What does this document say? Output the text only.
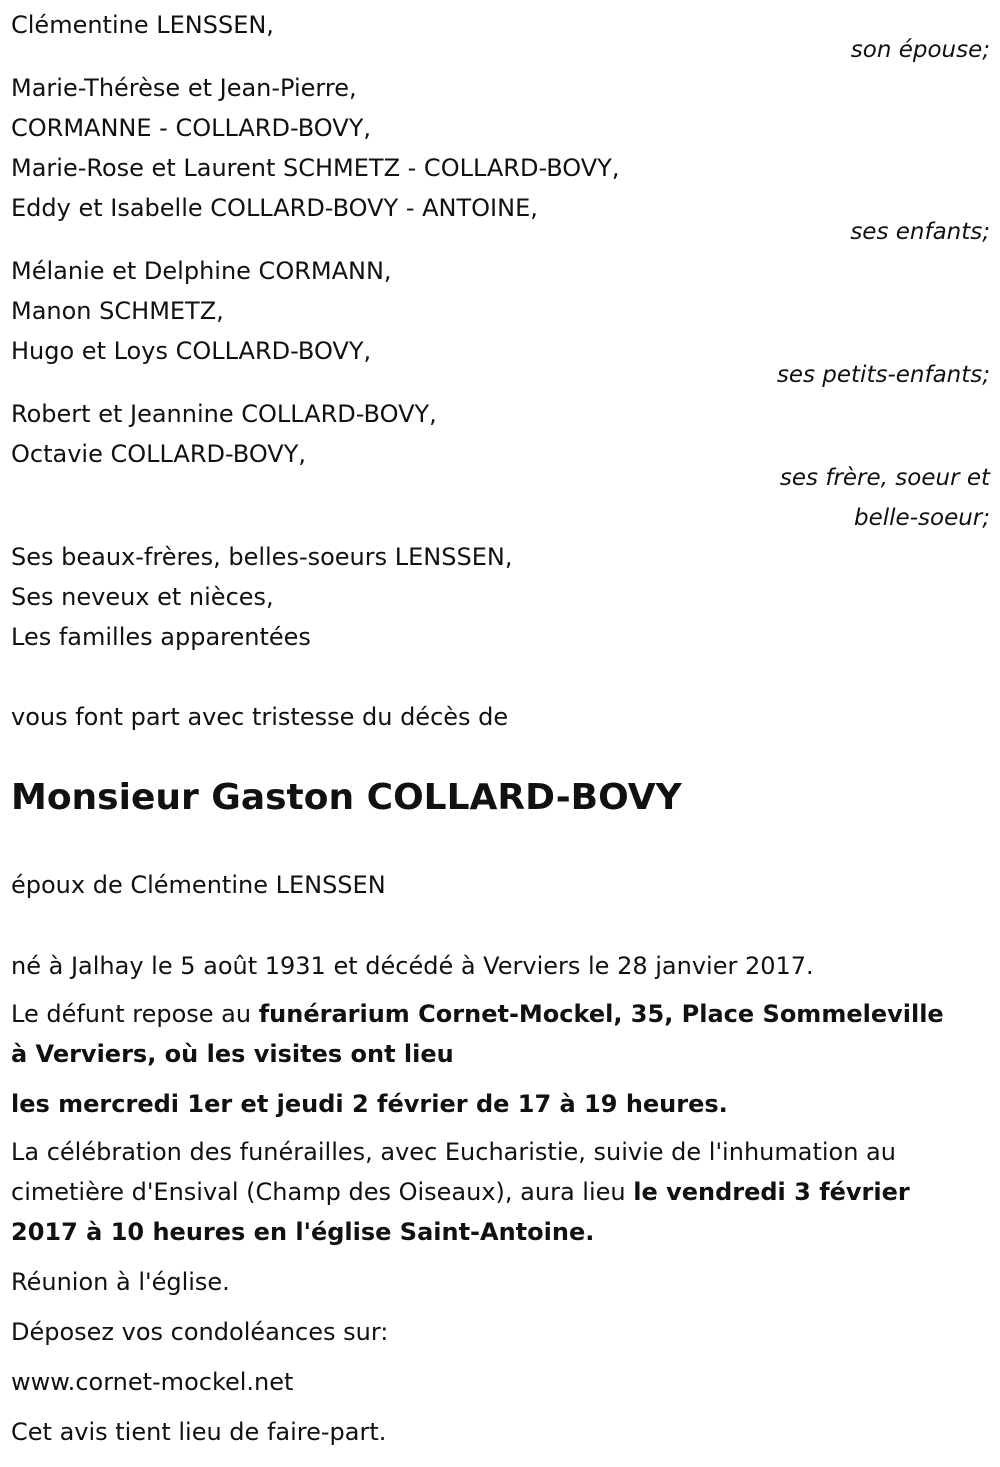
Clémentine LENSSEN,
son épouse;
Marie-Thérèse et Jean-Pierre,
CORMANNE - COLLARD-BOVY,
Marie-Rose et Laurent SCHMETZ - COLLARD-BOVY,
Eddy et Isabelle COLLARD-BOVY - ANTOINE,
ses enfants;
Mélanie et Delphine CORMANN,
Manon SCHMETZ,
Hugo et Loys COLLARD-BOVY,
ses petits-enfants;
Robert et Jeannine COLLARD-BOVY,
Octavie COLLARD-BOVY,
ses frère, soeur et
belle-soeur;
Ses beaux-frères, belles-soeurs LENSSEN,
Ses neveux et nièces,
Les familles apparentées
vous font part avec tristesse du décès de
Monsieur Gaston COLLARD-BOVY
époux de Clémentine LENSSEN
né à Jalhay le 5 août 1931 et décédé à Verviers le 28 janvier 2017.
Le défunt repose au funérarium Cornet-Mockel, 35, Place Sommeleville
à Verviers, où les visites ont lieu
les mercredi 1er et jeudi 2 février de 17 à 19 heures.
La célébration des funérailles, avec Eucharistie, suivie de l'inhumation au
cimetière d'Ensival (Champ des Oiseaux), aura lieu le vendredi 3 février
2017 à 10 heures en l'église Saint-Antoine.
Réunion à l'église.
Déposez vos condoléances sur:
www.cornet-mockel.net
Cet avis tient lieu de faire-part.
